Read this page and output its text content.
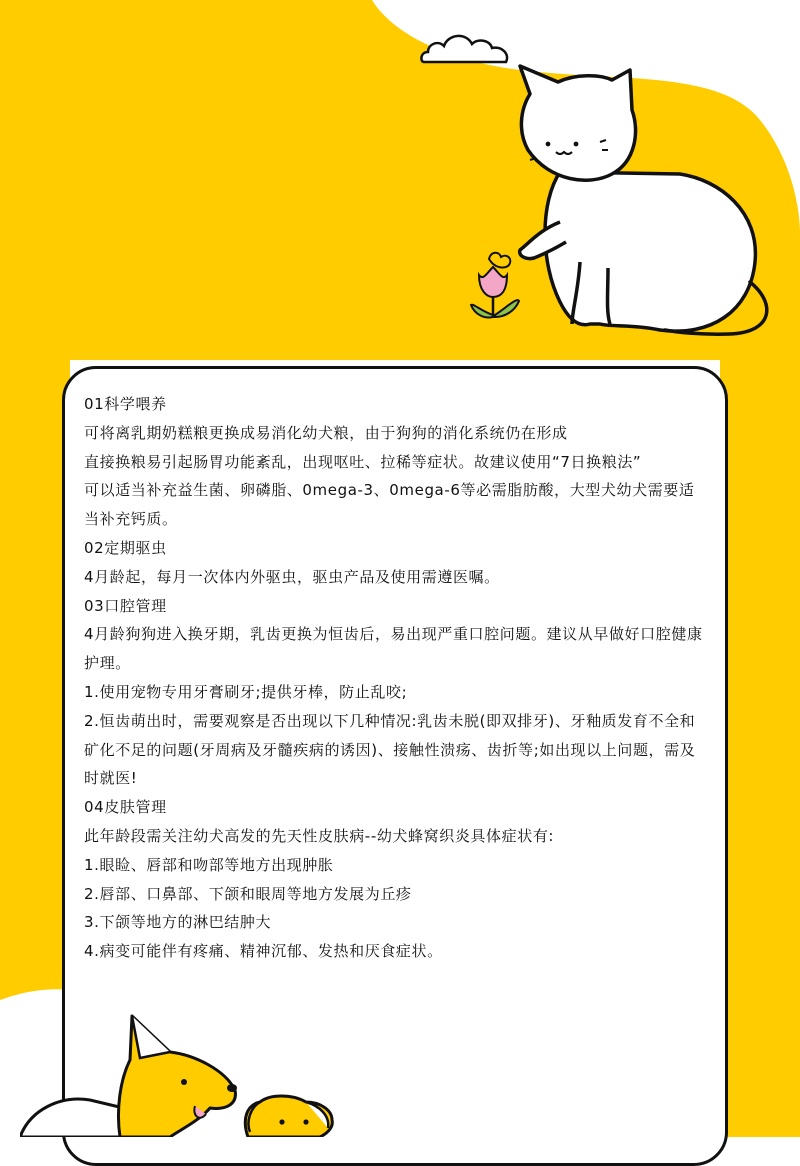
01科学喂养

可将离乳期奶糕粮更换成易消化幼犬粮，由于狗狗的消化系统仍在形成

直接换粮易引起肠胃功能紊乱，出现呕吐、拉稀等症状。故建议使用“7日换粮法”

可以适当补充益生菌、卵磷脂、0mega-3、0mega-6等必需脂肪酸，大型犬幼犬需要适当补充钙质。

02定期驱虫

4月龄起，每月一次体内外驱虫，驱虫产品及使用需遵医嘱。

03口腔管理

4月龄狗狗进入换牙期，乳齿更换为恒齿后，易出现严重口腔问题。建议从早做好口腔健康护理。

1.使用宠物专用牙膏刷牙;提供牙棒，防止乱咬;

2.恒齿萌出时，需要观察是否出现以下几种情况:乳齿未脱(即双排牙)、牙釉质发育不全和矿化不足的问题(牙周病及牙髓疾病的诱因)、接触性溃疡、齿折等;如出现以上问题，需及时就医!

04皮肤管理

此年龄段需关注幼犬高发的先天性皮肤病--幼犬蜂窝织炎具体症状有:

1.眼睑、唇部和吻部等地方出现肿胀

2.唇部、口鼻部、下颌和眼周等地方发展为丘疹

3.下颌等地方的淋巴结肿大

4.病变可能伴有疼痛、精神沉郁、发热和厌食症状。
